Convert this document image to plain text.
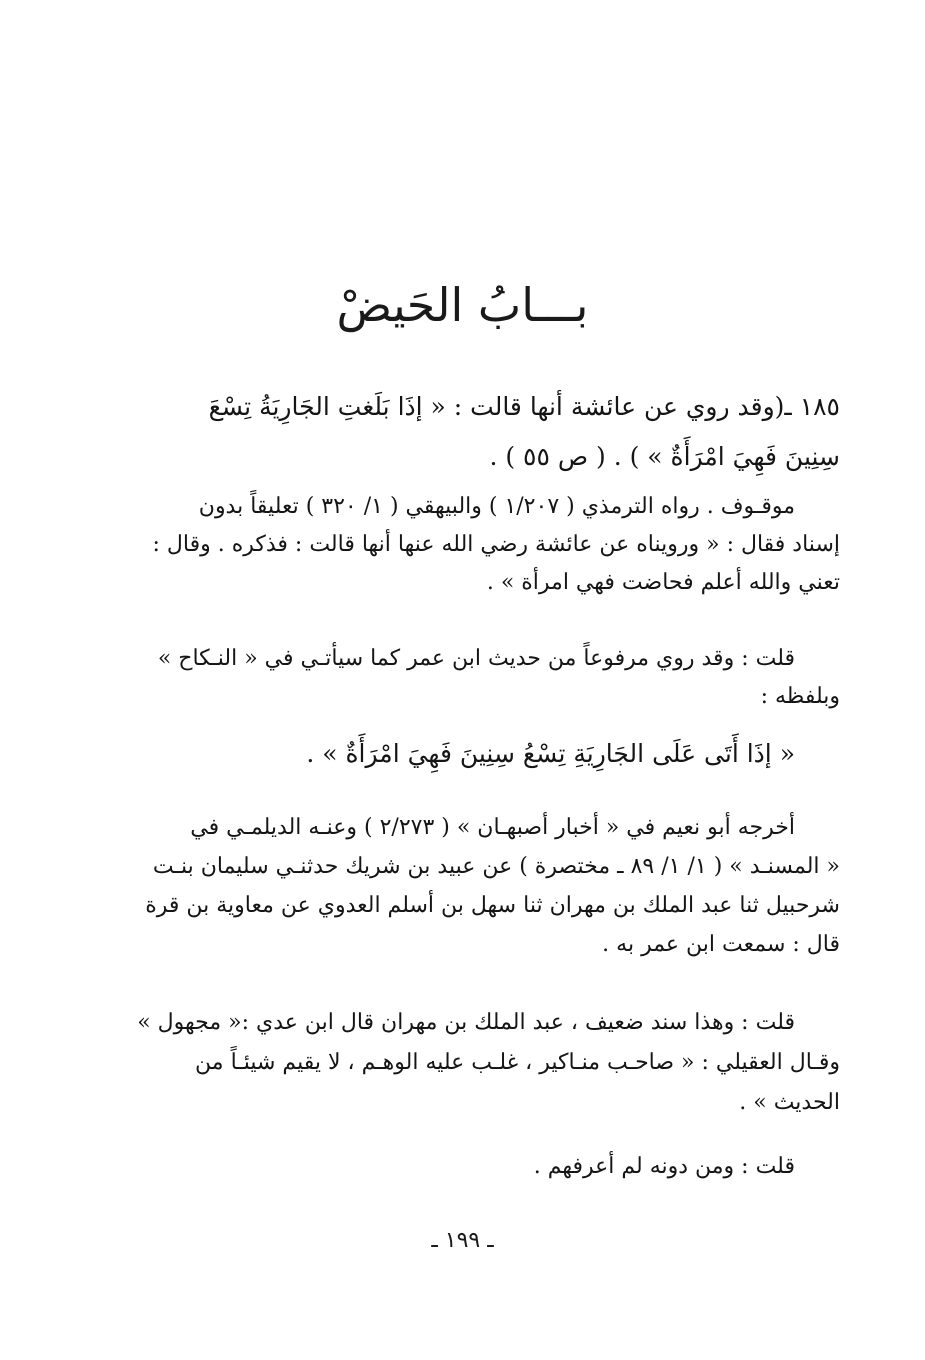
بـــابُ الحَيضْ
١٨٥ ـ(وقد روي عن عائشة أنها قالت : « إذَا بَلَغتِ الجَارِيَةُ تِسْعَ
سِنِينَ فَهِيَ امْرَأَةٌ » ) . ( ص ٥٥ ) .
موقـوف . رواه الترمذي ( ١/٢٠٧ ) والبيهقي ( ١/ ٣٢٠ ) تعليقاً بدون
إسناد فقال : « ورويناه عن عائشة رضي الله عنها أنها قالت : فذكره . وقال :
تعني والله أعلم فحاضت فهي امرأة » .
قلت : وقد روي مرفوعاً من حديث ابن عمر كما سيأتـي في « النـكاح »
وبلفظه :
« إذَا أَتَى عَلَى الجَارِيَةِ تِسْعُ سِنِينَ فَهِيَ امْرَأَةٌ » .
أخرجه أبو نعيم في « أخبار أصبهـان » ( ٢/٢٧٣ ) وعنـه الديلمـي في
« المسنـد » ( ١/ ١/ ٨٩ ـ مختصرة ) عن عبيد بن شريك حدثنـي سليمان بنـت
شرحبيل ثنا عبد الملك بن مهران ثنا سهل بن أسلم العدوي عن معاوية بن قرة
قال : سمعت ابن عمر به .
قلت : وهذا سند ضعيف ، عبد الملك بن مهران قال ابن عدي :« مجهول »
وقـال العقيلي : « صاحـب منـاكير ، غلـب عليه الوهـم ، لا يقيم شيئـاً من
الحديث » .
قلت : ومن دونه لم أعرفهم .
ـ ١٩٩ ـ
